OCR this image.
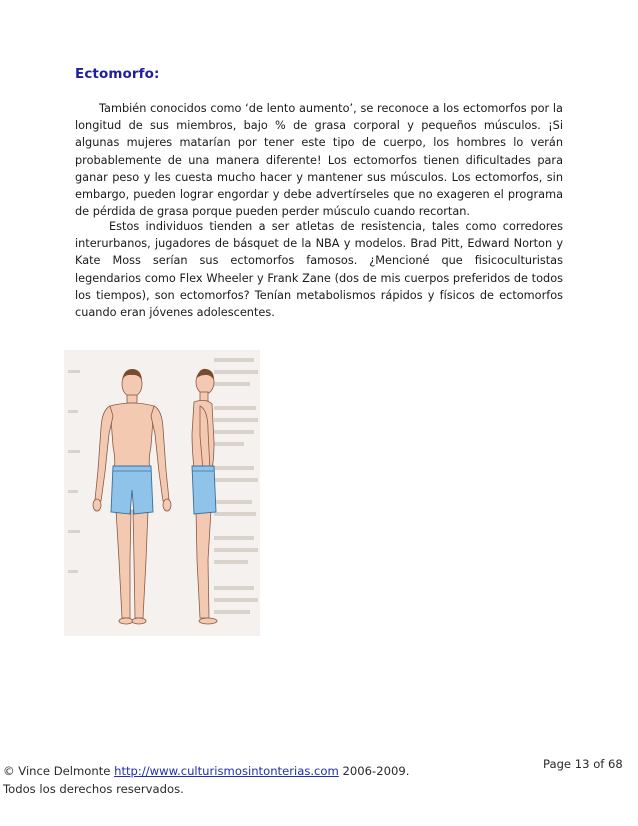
Ectomorfo:

También conocidos como ‘de lento aumento’, se reconoce a los ectomorfos por la longitud de sus miembros, bajo % de grasa corporal y pequeños músculos. ¡Si algunas mujeres matarían por tener este tipo de cuerpo, los hombres lo verán probablemente de una manera diferente! Los ectomorfos tienen dificultades para ganar peso y les cuesta mucho hacer y mantener sus músculos. Los ectomorfos, sin embargo, pueden lograr engordar y debe advertírseles que no exageren el programa de pérdida de grasa porque pueden perder músculo cuando recortan.

Estos individuos tienden a ser atletas de resistencia, tales como corredores interurbanos, jugadores de básquet de la NBA y modelos. Brad Pitt, Edward Norton y Kate Moss serían sus ectomorfos famosos. ¿Mencioné que fisicoculturistas legendarios como Flex Wheeler y Frank Zane (dos de mis cuerpos preferidos de todos los tiempos), son ectomorfos? Tenían metabolismos rápidos y físicos de ectomorfos cuando eran jóvenes adolescentes.

© Vince Delmonte http://www.culturismosintonterias.com 2006-2009.
Todos los derechos reservados.
Page 13 of 68
